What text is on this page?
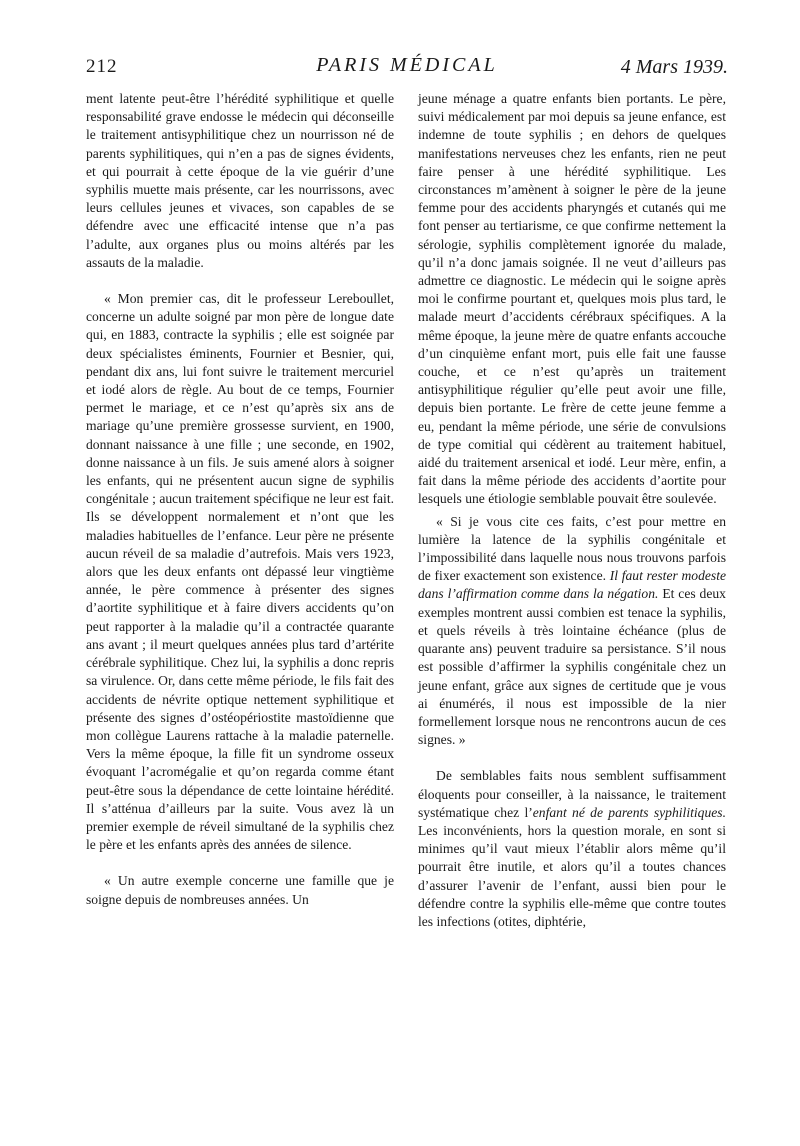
212	PARIS MÉDICAL	4 Mars 1939.

ment latente peut-être l’hérédité syphilitique et quelle responsabilité grave endosse le médecin qui déconseille le traitement antisyphilitique chez un nourrisson né de parents syphilitiques, qui n’en a pas de signes évidents, et qui pourrait à cette époque de la vie guérir d’une syphilis muette mais présente, car les nourrissons, avec leurs cellules jeunes et vivaces, son capables de se défendre avec une efficacité intense que n’a pas l’adulte, aux organes plus ou moins altérés par les assauts de la maladie.

« Mon premier cas, dit le professeur Lereboullet, concerne un adulte soigné par mon père de longue date qui, en 1883, contracte la syphilis ; elle est soignée par deux spécialistes éminents, Fournier et Besnier, qui, pendant dix ans, lui font suivre le traitement mercuriel et iodé alors de règle. Au bout de ce temps, Fournier permet le mariage, et ce n’est qu’après six ans de mariage qu’une première grossesse survient, en 1900, donnant naissance à une fille ; une seconde, en 1902, donne naissance à un fils. Je suis amené alors à soigner les enfants, qui ne présentent aucun signe de syphilis congénitale ; aucun traitement spécifique ne leur est fait. Ils se développent normalement et n’ont que les maladies habituelles de l’enfance. Leur père ne présente aucun réveil de sa maladie d’autrefois. Mais vers 1923, alors que les deux enfants ont dépassé leur vingtième année, le père commence à présenter des signes d’aortite syphilitique et à faire divers accidents qu’on peut rapporter à la maladie qu’il a contractée quarante ans avant ; il meurt quelques années plus tard d’artérite cérébrale syphilitique. Chez lui, la syphilis a donc repris sa virulence. Or, dans cette même période, le fils fait des accidents de névrite optique nettement syphilitique et présente des signes d’ostéopériostite mastoïdienne que mon collègue Laurens rattache à la maladie paternelle. Vers la même époque, la fille fit un syndrome osseux évoquant l’acromégalie et qu’on regarda comme étant peut-être sous la dépendance de cette lointaine hérédité. Il s’atténua d’ailleurs par la suite. Vous avez là un premier exemple de réveil simultané de la syphilis chez le père et les enfants après des années de silence.

« Un autre exemple concerne une famille que je soigne depuis de nombreuses années. Un

jeune ménage a quatre enfants bien portants. Le père, suivi médicalement par moi depuis sa jeune enfance, est indemne de toute syphilis ; en dehors de quelques manifestations nerveuses chez les enfants, rien ne peut faire penser à une hérédité syphilitique. Les circonstances m’amènent à soigner le père de la jeune femme pour des accidents pharyngés et cutanés qui me font penser au tertiarisme, ce que confirme nettement la sérologie, syphilis complètement ignorée du malade, qu’il n’a donc jamais soignée. Il ne veut d’ailleurs pas admettre ce diagnostic. Le médecin qui le soigne après moi le confirme pourtant et, quelques mois plus tard, le malade meurt d’accidents cérébraux spécifiques. A la même époque, la jeune mère de quatre enfants accouche d’un cinquième enfant mort, puis elle fait une fausse couche, et ce n’est qu’après un traitement antisyphilitique régulier qu’elle peut avoir une fille, depuis bien portante. Le frère de cette jeune femme a eu, pendant la même période, une série de convulsions de type comitial qui cédèrent au traitement habituel, aidé du traitement arsenical et iodé. Leur mère, enfin, a fait dans la même période des accidents d’aortite pour lesquels une étiologie semblable pouvait être soulevée.

« Si je vous cite ces faits, c’est pour mettre en lumière la latence de la syphilis congénitale et l’impossibilité dans laquelle nous nous trouvons parfois de fixer exactement son existence. Il faut rester modeste dans l’affirmation comme dans la négation. Et ces deux exemples montrent aussi combien est tenace la syphilis, et quels réveils à très lointaine échéance (plus de quarante ans) peuvent traduire sa persistance. S’il nous est possible d’affirmer la syphilis congénitale chez un jeune enfant, grâce aux signes de certitude que je vous ai énumérés, il nous est impossible de la nier formellement lorsque nous ne rencontrons aucun de ces signes. »

De semblables faits nous semblent suffisamment éloquents pour conseiller, à la naissance, le traitement systématique chez l’enfant né de parents syphilitiques. Les inconvénients, hors la question morale, en sont si minimes qu’il vaut mieux l’établir alors même qu’il pourrait être inutile, et alors qu’il a toutes chances d’assurer l’avenir de l’enfant, aussi bien pour le défendre contre la syphilis elle-même que contre toutes les infections (otites, diphtérie,
